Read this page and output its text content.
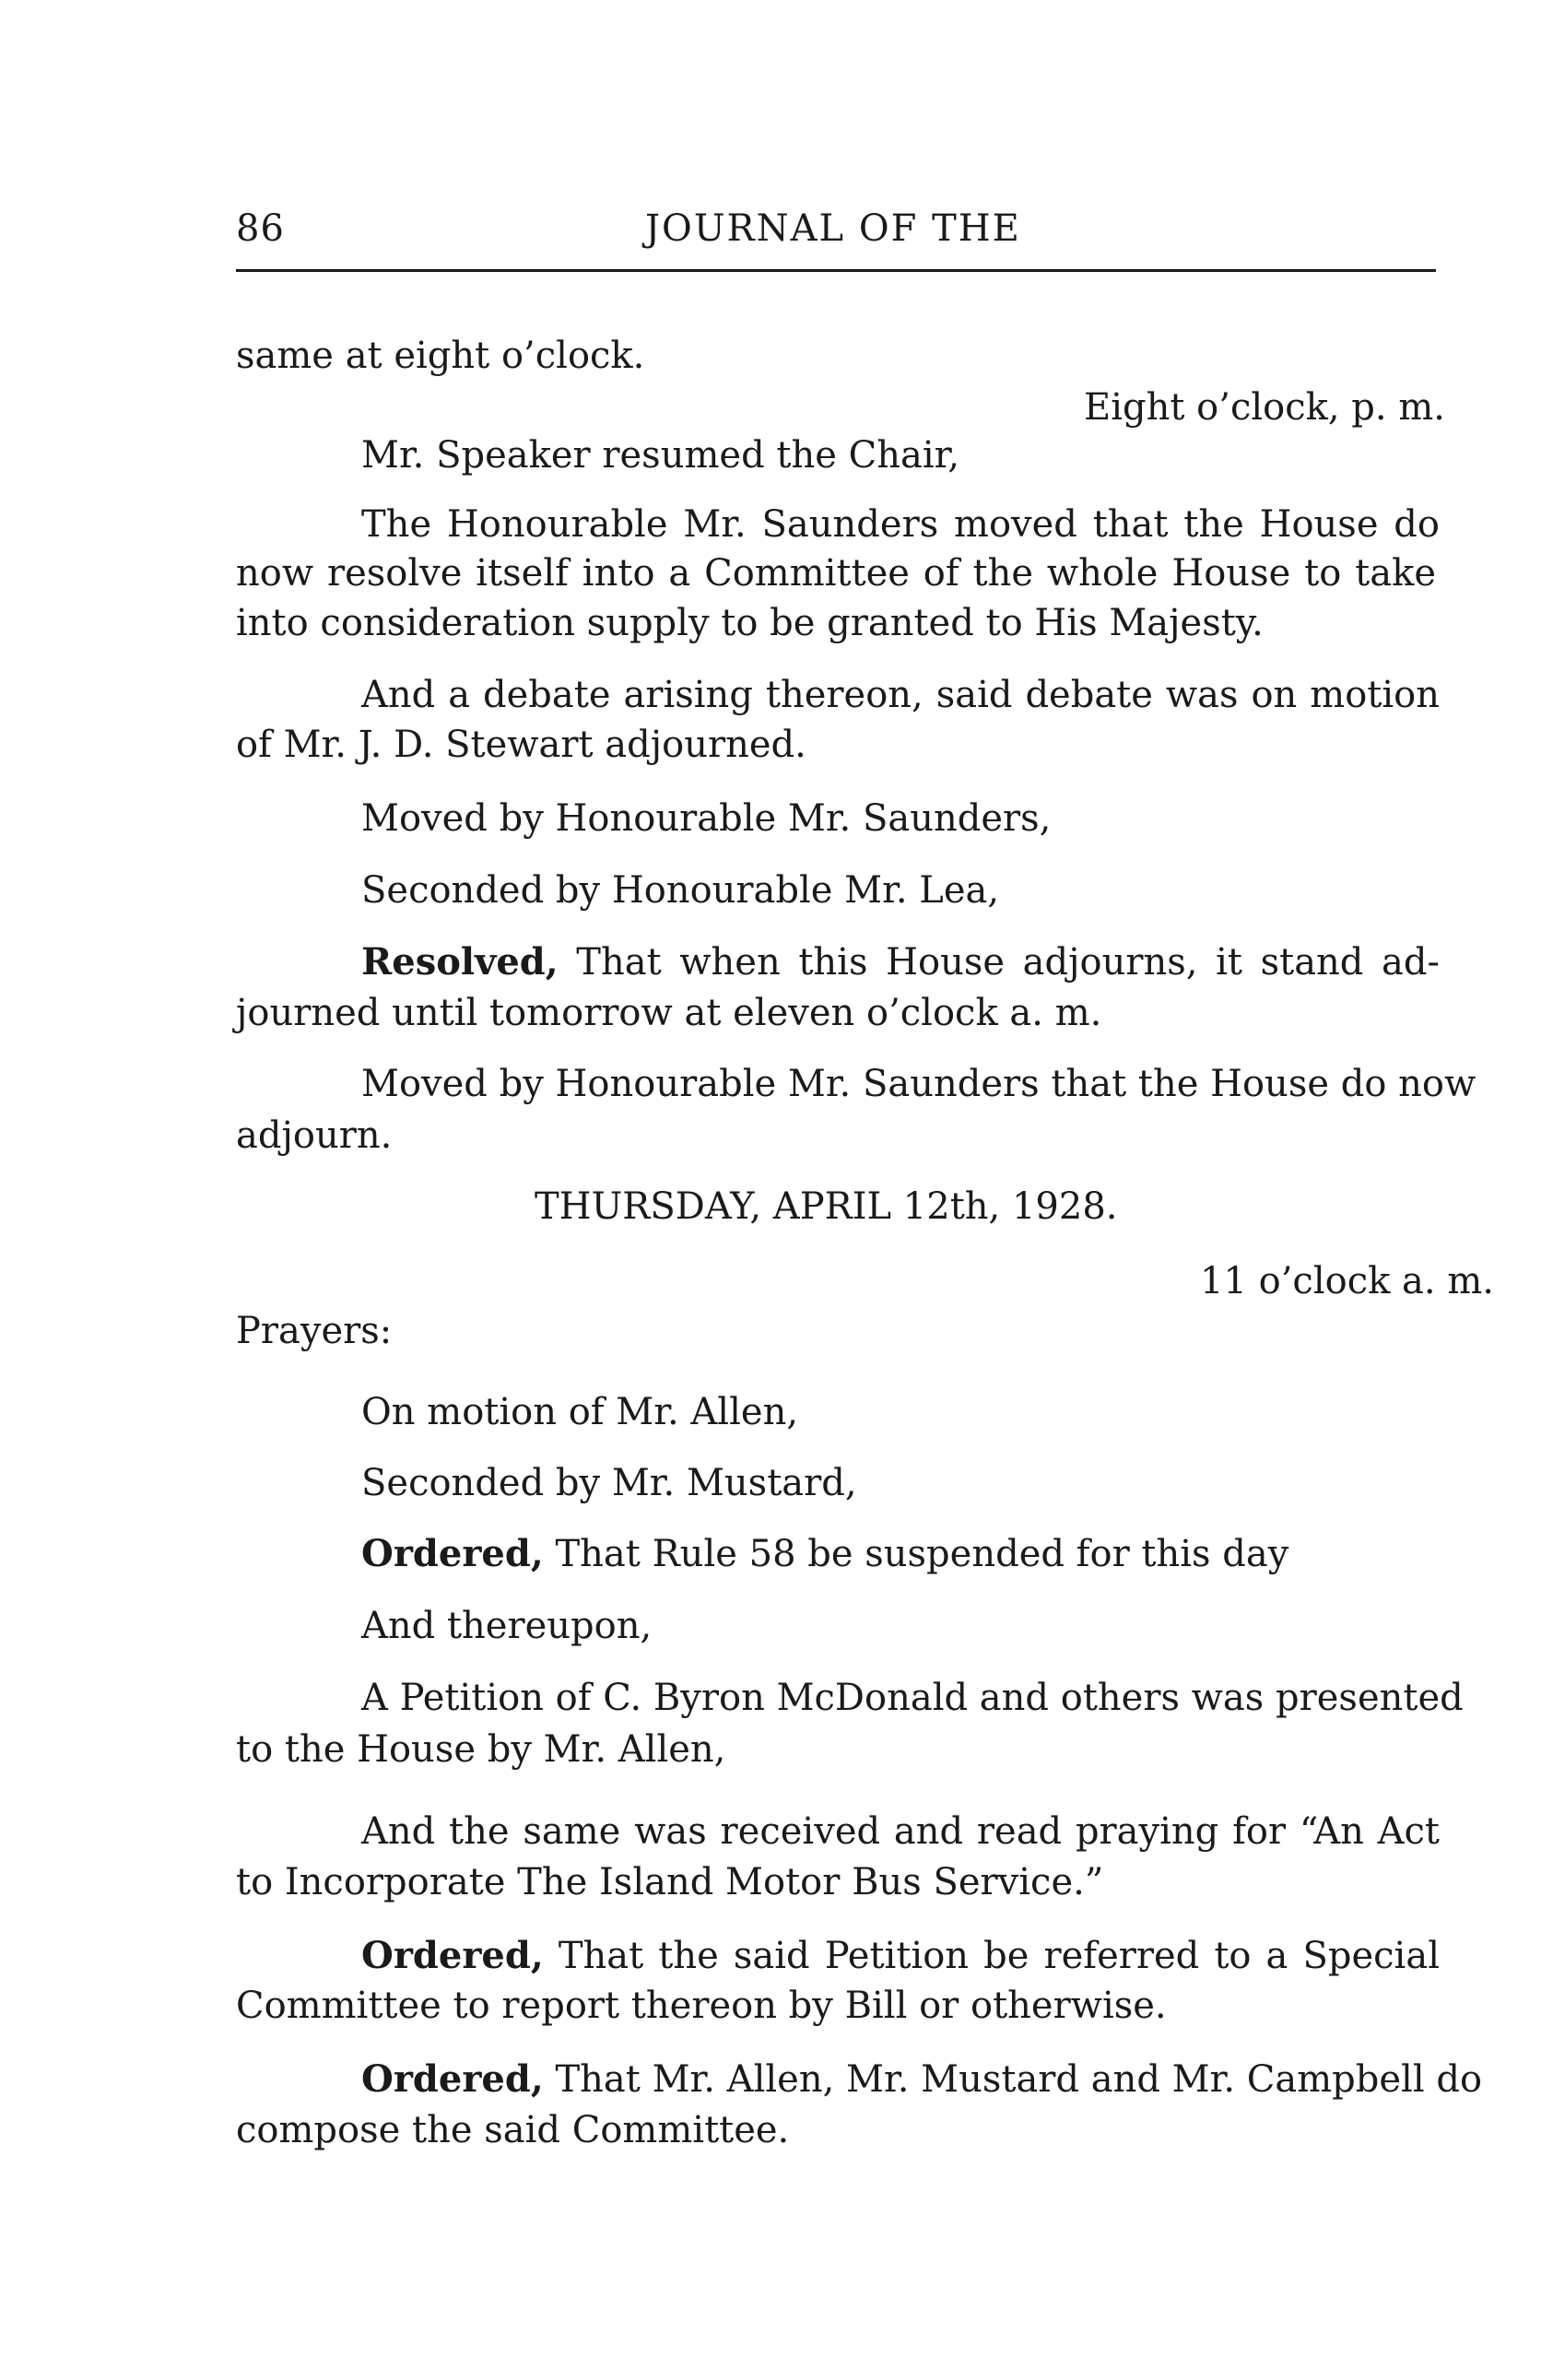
86	JOURNAL OF THE
same at eight o’clock.
Eight o’clock, p. m.
Mr. Speaker resumed the Chair,
The Honourable Mr. Saunders moved that the House do
now resolve itself into a Committee of the whole House to take
into consideration supply to be granted to His Majesty.
And a debate arising thereon, said debate was on motion
of Mr. J. D. Stewart adjourned.
Moved by Honourable Mr. Saunders,
Seconded by Honourable Mr. Lea,
Resolved, That when this House adjourns, it stand ad-
journed until tomorrow at eleven o’clock a. m.
Moved by Honourable Mr. Saunders that the House do now
adjourn.
THURSDAY, APRIL 12th, 1928.
11 o’clock a. m.
Prayers:
On motion of Mr. Allen,
Seconded by Mr. Mustard,
Ordered, That Rule 58 be suspended for this day
And thereupon,
A Petition of C. Byron McDonald and others was presented
to the House by Mr. Allen,
And the same was received and read praying for “An Act
to Incorporate The Island Motor Bus Service.”
Ordered, That the said Petition be referred to a Special
Committee to report thereon by Bill or otherwise.
Ordered, That Mr. Allen, Mr. Mustard and Mr. Campbell do
compose the said Committee.
